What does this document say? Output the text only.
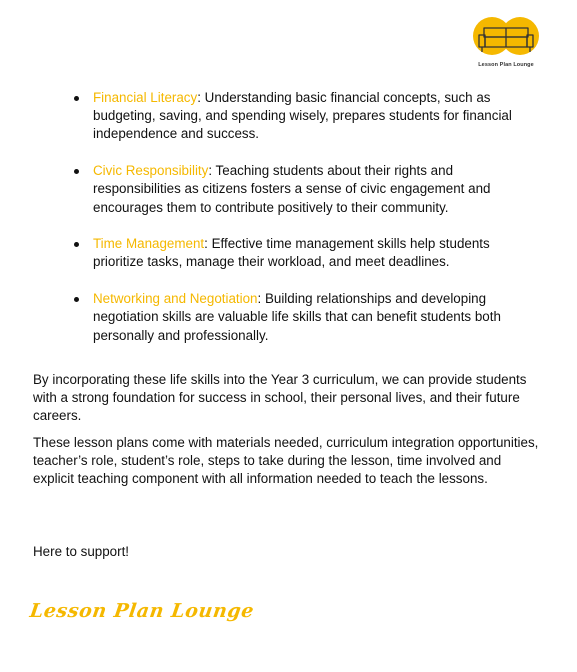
Lesson Plan Lounge
Financial Literacy: Understanding basic financial concepts, such as budgeting, saving, and spending wisely, prepares students for financial independence and success.
Civic Responsibility: Teaching students about their rights and responsibilities as citizens fosters a sense of civic engagement and encourages them to contribute positively to their community.
Time Management: Effective time management skills help students prioritize tasks, manage their workload, and meet deadlines.
Networking and Negotiation: Building relationships and developing negotiation skills are valuable life skills that can benefit students both personally and professionally.

By incorporating these life skills into the Year 3 curriculum, we can provide students with a strong foundation for success in school, their personal lives, and their future careers.

These lesson plans come with materials needed, curriculum integration opportunities, teacher’s role, student’s role, steps to take during the lesson, time involved and explicit teaching component with all information needed to teach the lessons.

Here to support!

Lesson Plan Lounge
